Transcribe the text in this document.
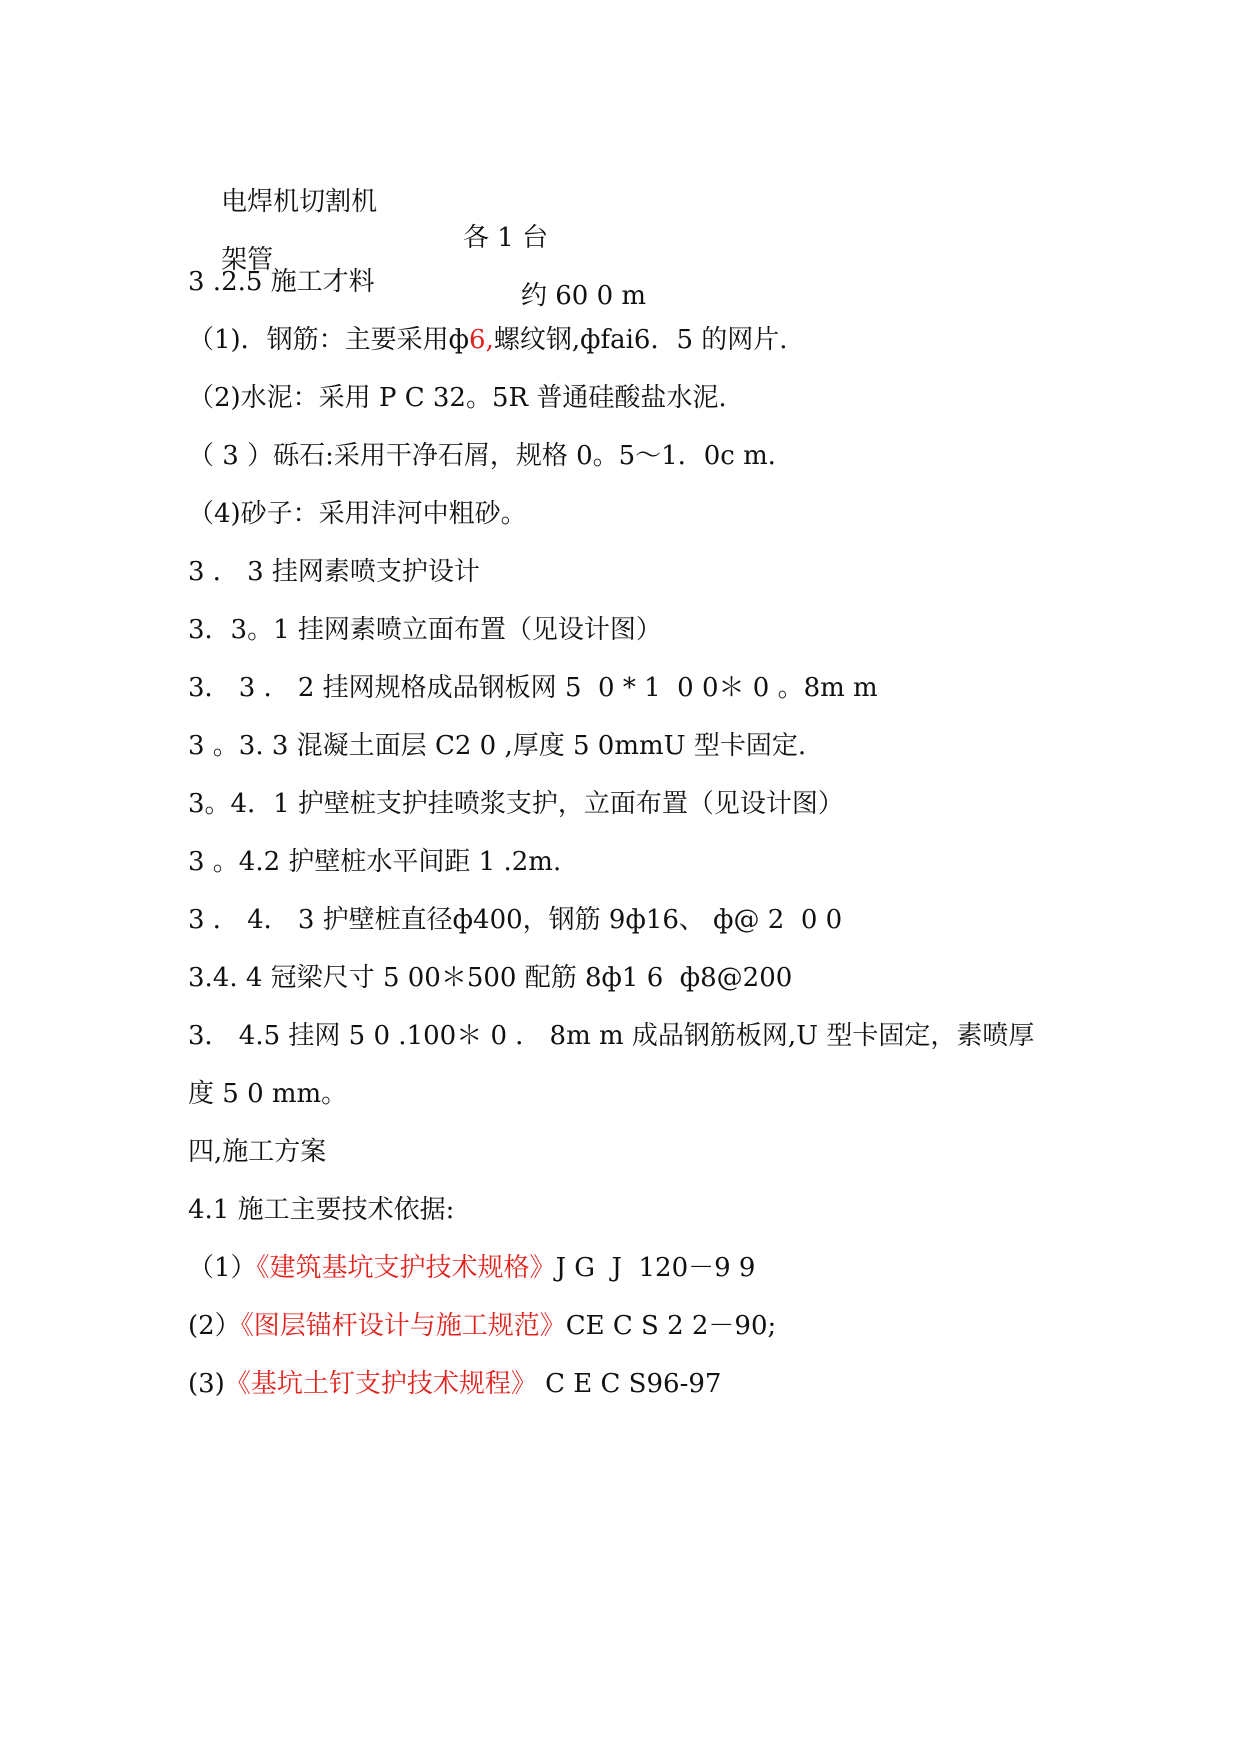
电焊机切割机

各 1 台

架管

约 60 0 m

3 .2.5 施工才料
（1)．钢筋：主要采用ф6,螺纹钢,фfai6．5 的网片.
（2)水泥：采用 P C 32。5R 普通硅酸盐水泥.
（ 3 ）砾石:采用干净石屑，规格 0。5～1．0c m．
（4)砂子：采用沣河中粗砂。
3 ． 3 挂网素喷支护设计
3．3。1 挂网素喷立面布置（见设计图）
3． 3 ． 2 挂网规格成品钢板网 5  0 * 1  0 0＊ 0 。8m m
3 。3. 3 混凝土面层 C2 0 ,厚度 5 0mmU 型卡固定.
3。4．1 护壁桩支护挂喷浆支护，立面布置（见设计图）
3 。4.2 护壁桩水平间距 1 .2m.
3 ． 4． 3 护壁桩直径ф400，钢筋 9ф16、 ф@ 2  0 0
3.4. 4 冠梁尺寸 5 00＊500 配筋 8ф1 6  ф8@200
3． 4.5 挂网 5 0 .100＊ 0 ． 8m m 成品钢筋板网,U 型卡固定，素喷厚
度 5 0 mm。
四,施工方案
4.1 施工主要技术依据:
（1）《建筑基坑支护技术规格》J G  J  120－9 9
(2）《图层锚杆设计与施工规范》CE C S 2 2－90;
(3)《基坑土钉支护技术规程》 C E C S96-97
